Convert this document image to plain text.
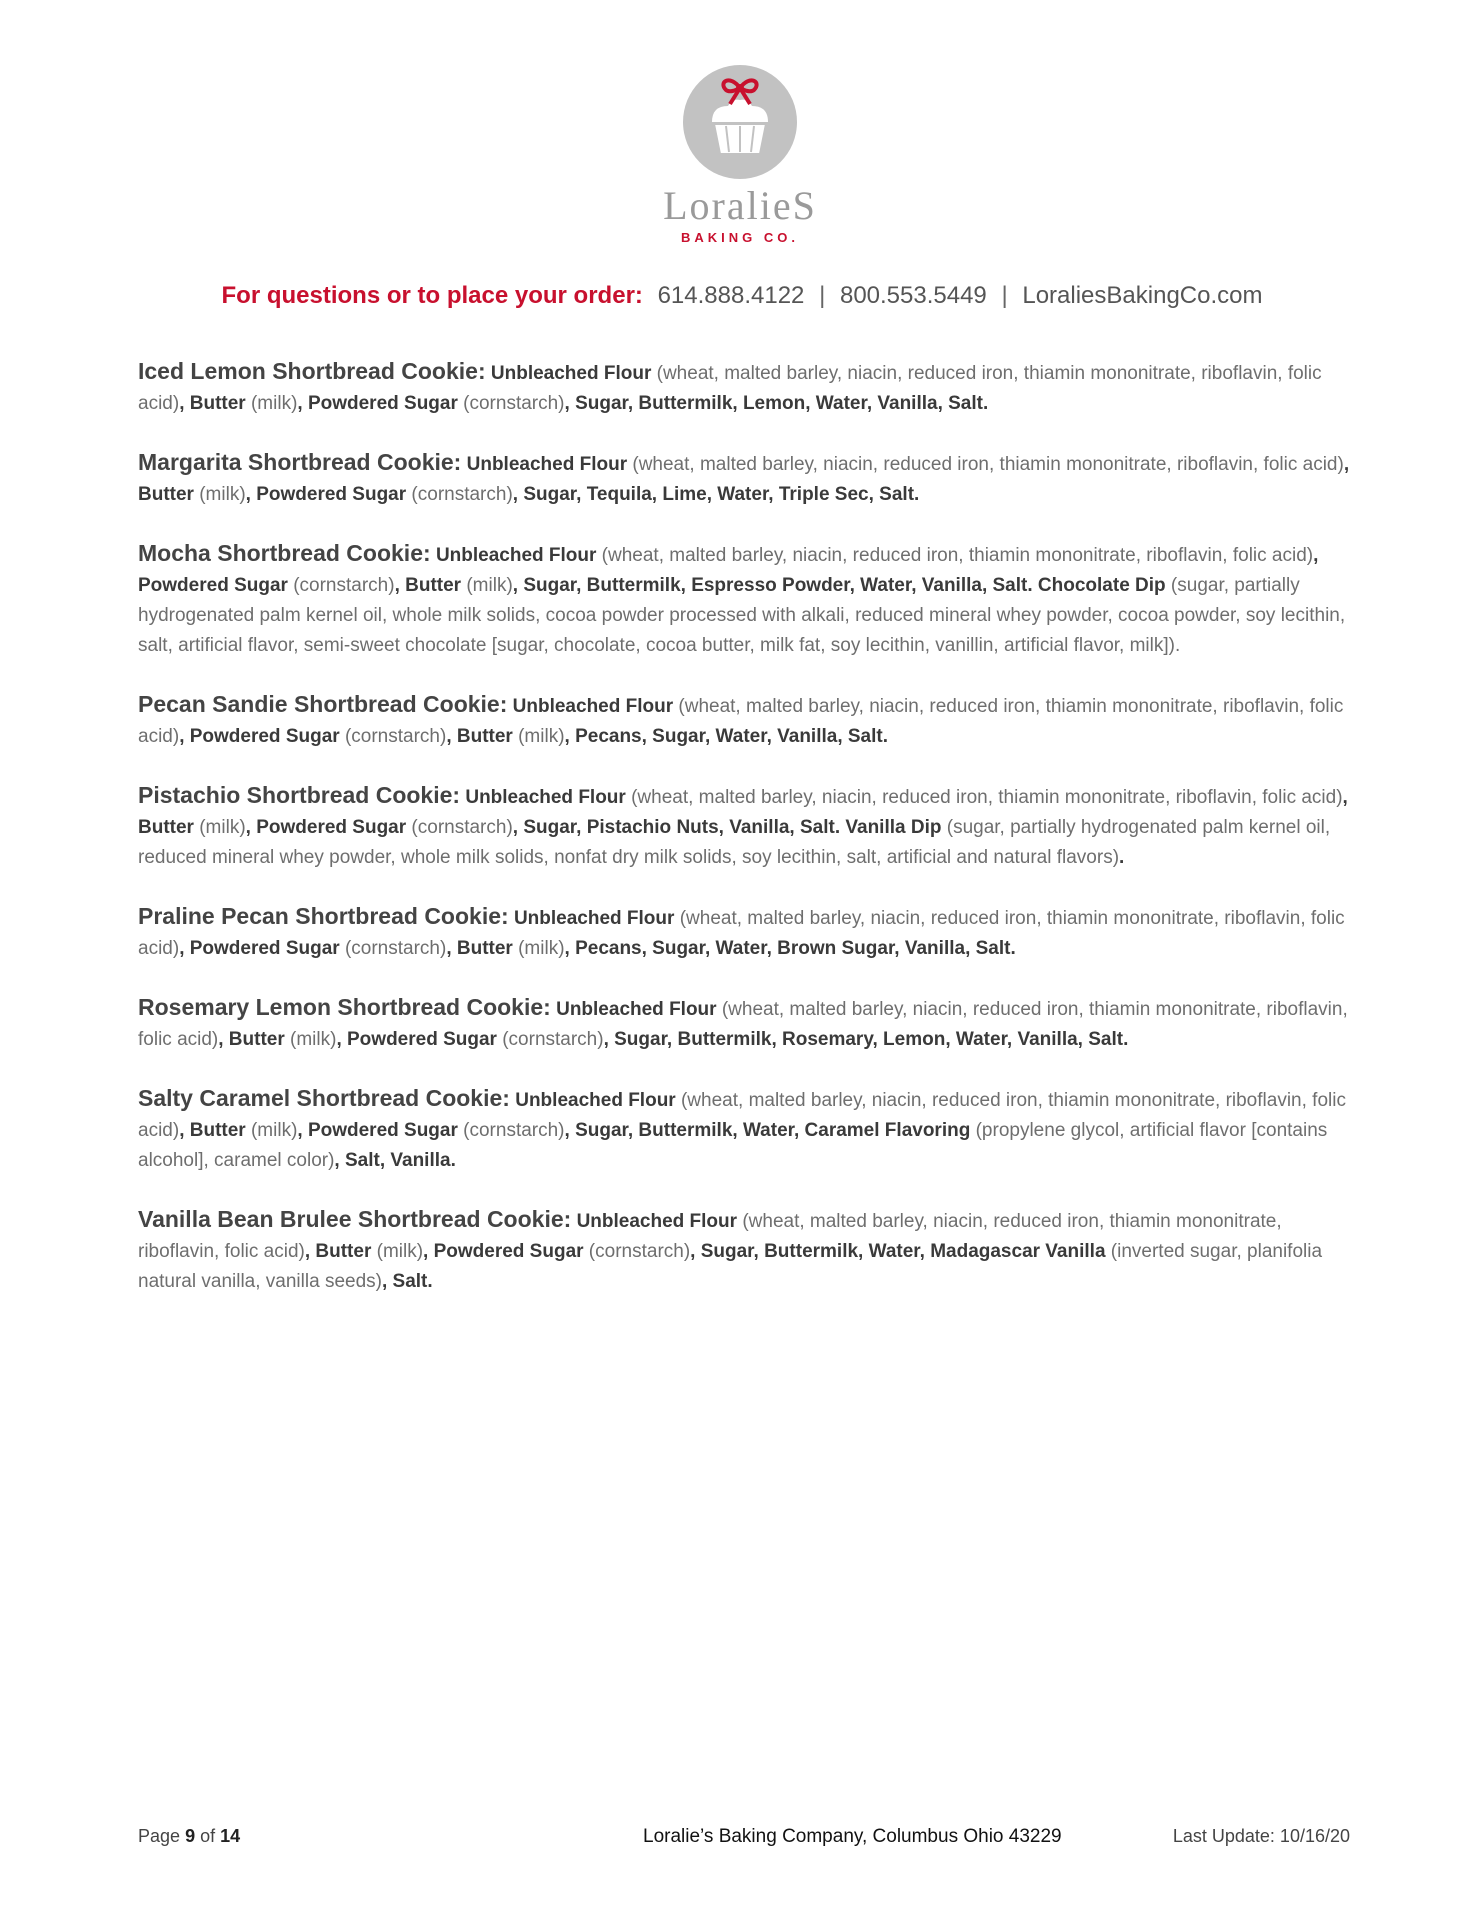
LoralieS
BAKING CO.
For questions or to place your order: 614.888.4122 | 800.553.5449 | LoraliesBakingCo.com

Iced Lemon Shortbread Cookie: Unbleached Flour (wheat, malted barley, niacin, reduced iron, thiamin mononitrate, riboflavin, folic acid), Butter (milk), Powdered Sugar (cornstarch), Sugar, Buttermilk, Lemon, Water, Vanilla, Salt.

Margarita Shortbread Cookie: Unbleached Flour (wheat, malted barley, niacin, reduced iron, thiamin mononitrate, riboflavin, folic acid), Butter (milk), Powdered Sugar (cornstarch), Sugar, Tequila, Lime, Water, Triple Sec, Salt.

Mocha Shortbread Cookie: Unbleached Flour (wheat, malted barley, niacin, reduced iron, thiamin mononitrate, riboflavin, folic acid), Powdered Sugar (cornstarch), Butter (milk), Sugar, Buttermilk, Espresso Powder, Water, Vanilla, Salt. Chocolate Dip (sugar, partially hydrogenated palm kernel oil, whole milk solids, cocoa powder processed with alkali, reduced mineral whey powder, cocoa powder, soy lecithin, salt, artificial flavor, semi-sweet chocolate [sugar, chocolate, cocoa butter, milk fat, soy lecithin, vanillin, artificial flavor, milk]).

Pecan Sandie Shortbread Cookie: Unbleached Flour (wheat, malted barley, niacin, reduced iron, thiamin mononitrate, riboflavin, folic acid), Powdered Sugar (cornstarch), Butter (milk), Pecans, Sugar, Water, Vanilla, Salt.

Pistachio Shortbread Cookie: Unbleached Flour (wheat, malted barley, niacin, reduced iron, thiamin mononitrate, riboflavin, folic acid), Butter (milk), Powdered Sugar (cornstarch), Sugar, Pistachio Nuts, Vanilla, Salt. Vanilla Dip (sugar, partially hydrogenated palm kernel oil, reduced mineral whey powder, whole milk solids, nonfat dry milk solids, soy lecithin, salt, artificial and natural flavors).

Praline Pecan Shortbread Cookie: Unbleached Flour (wheat, malted barley, niacin, reduced iron, thiamin mononitrate, riboflavin, folic acid), Powdered Sugar (cornstarch), Butter (milk), Pecans, Sugar, Water, Brown Sugar, Vanilla, Salt.

Rosemary Lemon Shortbread Cookie: Unbleached Flour (wheat, malted barley, niacin, reduced iron, thiamin mononitrate, riboflavin, folic acid), Butter (milk), Powdered Sugar (cornstarch), Sugar, Buttermilk, Rosemary, Lemon, Water, Vanilla, Salt.

Salty Caramel Shortbread Cookie: Unbleached Flour (wheat, malted barley, niacin, reduced iron, thiamin mononitrate, riboflavin, folic acid), Butter (milk), Powdered Sugar (cornstarch), Sugar, Buttermilk, Water, Caramel Flavoring (propylene glycol, artificial flavor [contains alcohol], caramel color), Salt, Vanilla.

Vanilla Bean Brulee Shortbread Cookie: Unbleached Flour (wheat, malted barley, niacin, reduced iron, thiamin mononitrate, riboflavin, folic acid), Butter (milk), Powdered Sugar (cornstarch), Sugar, Buttermilk, Water, Madagascar Vanilla (inverted sugar, planifolia natural vanilla, vanilla seeds), Salt.

Page 9 of 14	Loralie’s Baking Company, Columbus Ohio 43229	Last Update: 10/16/20
